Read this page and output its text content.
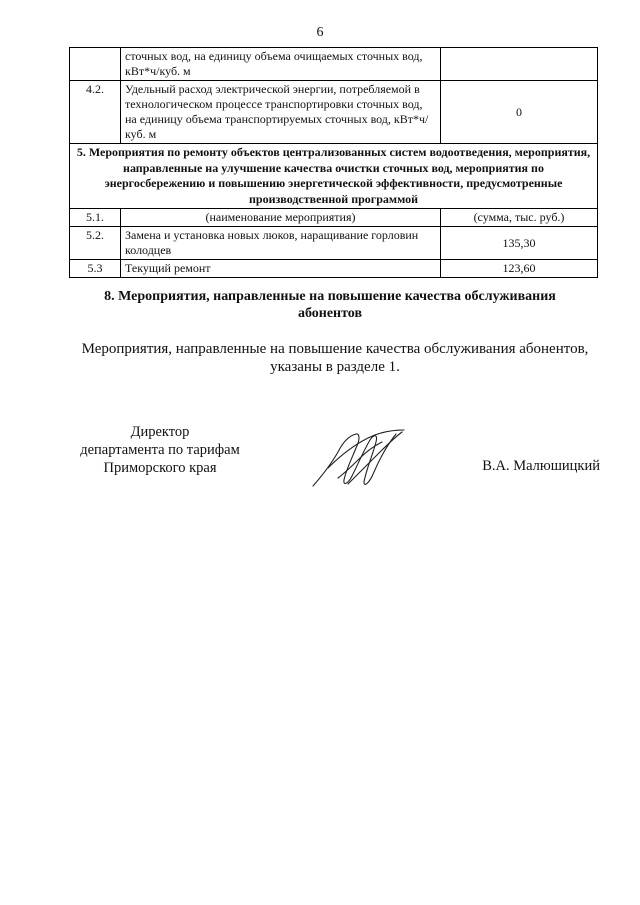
6
	сточных вод, на единицу объема очищаемых сточных вод, кВт*ч/куб. м	
4.2.	Удельный расход электрической энергии, потребляемой в технологическом процессе транспортировки сточных вод, на единицу объема транспортируемых сточных вод, кВт*ч/куб. м	0
5. Мероприятия по ремонту объектов централизованных систем водоотведения, мероприятия, направленные на улучшение качества очистки сточных вод, мероприятия по энергосбережению и повышению энергетической эффективности, предусмотренные производственной программой		
5.1.	(наименование мероприятия)	(сумма, тыс. руб.)
5.2.	Замена и установка новых люков, наращивание горловин колодцев	135,30
5.3	Текущий ремонт	123,60
8. Мероприятия, направленные на повышение качества обслуживания абонентов
Мероприятия, направленные на повышение качества обслуживания абонентов, указаны в разделе 1.
Директор
департамента по тарифам
Приморского края	В.А. Малюшицкий
